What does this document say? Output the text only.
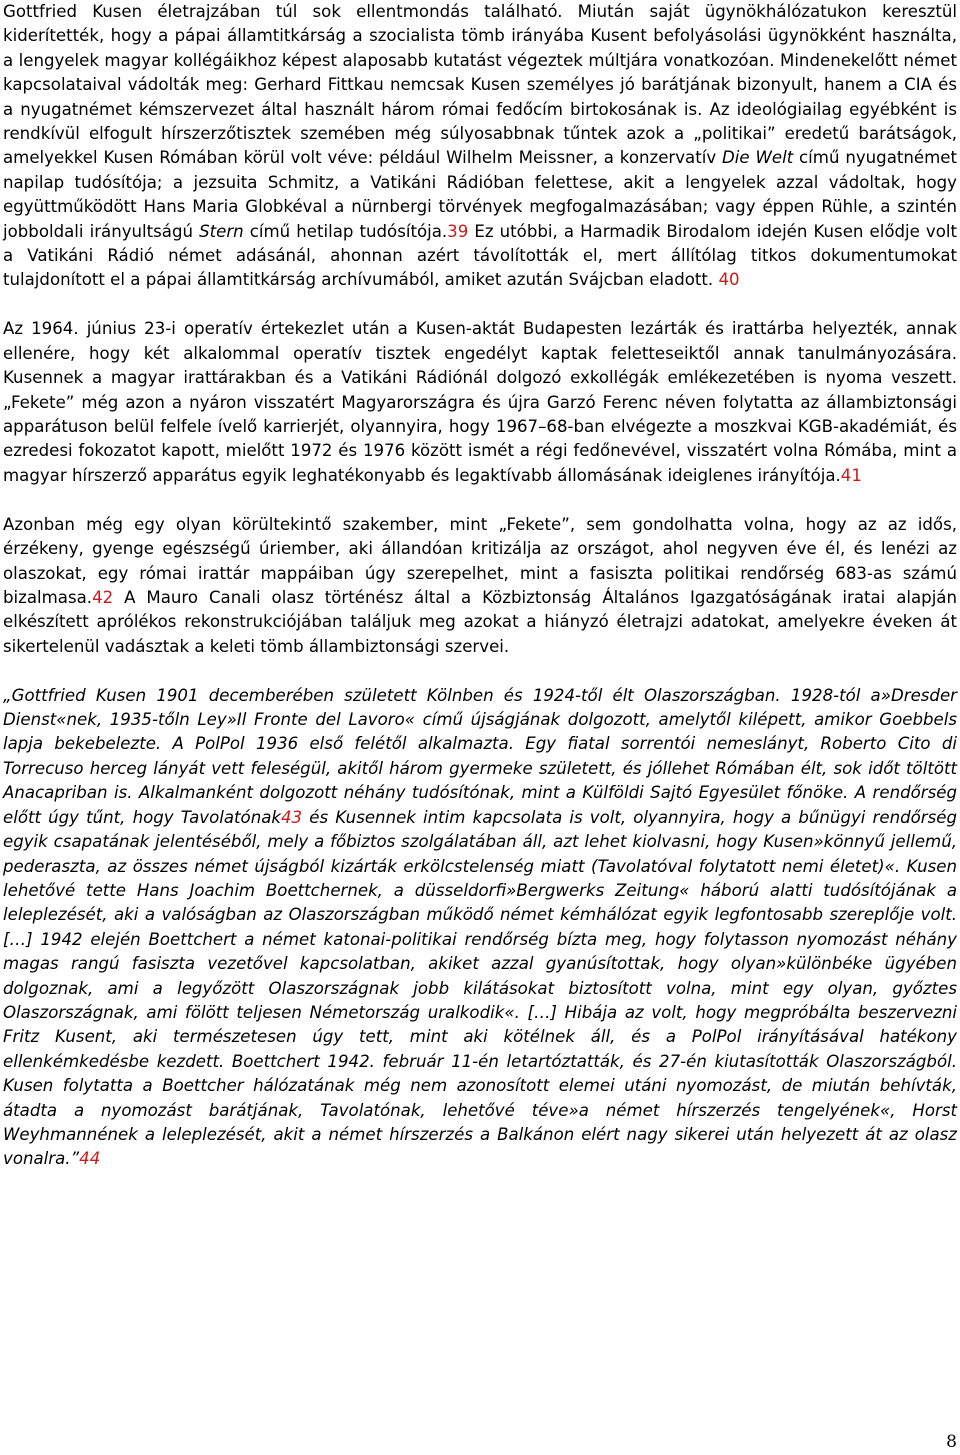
Gottfried Kusen életrajzában túl sok ellentmondás található. Miután saját ügynökhálózatukon keresztül kiderítették, hogy a pápai államtitkárság a szocialista tömb irányába Kusent befolyásolási ügynökként használta, a lengyelek magyar kollégáikhoz képest alaposabb kutatást végeztek múltjára vonatkozóan. Mindenekelőtt német kapcsolataival vádolták meg: Gerhard Fittkau nemcsak Kusen személyes jó barátjának bizonyult, hanem a CIA és a nyugatnémet kémszervezet által használt három római fedőcím birtokosának is. Az ideológiailag egyébként is rendkívül elfogult hírszerzőtisztek szemében még súlyosabbnak tűntek azok a „politikai” eredetű barátságok, amelyekkel Kusen Rómában körül volt véve: például Wilhelm Meissner, a konzervatív Die Welt című nyugatnémet napilap tudósítója; a jezsuita Schmitz, a Vatikáni Rádióban felettese, akit a lengyelek azzal vádoltak, hogy együttműködött Hans Maria Globkéval a nürnbergi törvények megfogalmazásában; vagy éppen Rühle, a szintén jobboldali irányultságú Stern című hetilap tudósítója.39 Ez utóbbi, a Harmadik Birodalom idején Kusen elődje volt a Vatikáni Rádió német adásánál, ahonnan azért távolították el, mert állítólag titkos dokumentumokat tulajdonított el a pápai államtitkárság archívumából, amiket azután Svájcban eladott. 40

Az 1964. június 23-i operatív értekezlet után a Kusen-aktát Budapesten lezárták és irattárba helyezték, annak ellenére, hogy két alkalommal operatív tisztek engedélyt kaptak feletteseiktől annak tanulmányozására. Kusennek a magyar irattárakban és a Vatikáni Rádiónál dolgozó exkollégák emlékezetében is nyoma veszett. „Fekete” még azon a nyáron visszatért Magyarországra és újra Garzó Ferenc néven folytatta az állambiztonsági apparátuson belül felfele ívelő karrierjét, olyannyira, hogy 1967–68-ban elvégezte a moszkvai KGB-akadémiát, és ezredesi fokozatot kapott, mielőtt 1972 és 1976 között ismét a régi fedőnevével, visszatért volna Rómába, mint a magyar hírszerző apparátus egyik leghatékonyabb és legaktívabb állomásának ideiglenes irányítója.41

Azonban még egy olyan körültekintő szakember, mint „Fekete”, sem gondolhatta volna, hogy az az idős, érzékeny, gyenge egészségű úriember, aki állandóan kritizálja az országot, ahol negyven éve él, és lenézi az olaszokat, egy római irattár mappáiban úgy szerepelhet, mint a fasiszta politikai rendőrség 683-as számú bizalmasa.42 A Mauro Canali olasz történész által a Közbiztonság Általános Igazgatóságának iratai alapján elkészített aprólékos rekonstrukciójában találjuk meg azokat a hiányzó életrajzi adatokat, amelyekre éveken át sikertelenül vadásztak a keleti tömb állambiztonsági szervei.

„Gottfried Kusen 1901 decemberében született Kölnben és 1924-től élt Olaszországban. 1928-tól a»Dresder Dienst«nek, 1935-tőln Ley»Il Fronte del Lavoro« című újságjának dolgozott, amelytől kilépett, amikor Goebbels lapja bekebelezte. A PolPol 1936 első felétől alkalmazta. Egy fiatal sorrentói nemeslányt, Roberto Cito di Torrecuso herceg lányát vett feleségül, akitől három gyermeke született, és jóllehet Rómában élt, sok időt töltött Anacapriban is. Alkalmanként dolgozott néhány tudósítónak, mint a Külföldi Sajtó Egyesület főnöke. A rendőrség előtt úgy tűnt, hogy Tavolatónak43 és Kusennek intim kapcsolata is volt, olyannyira, hogy a bűnügyi rendőrség egyik csapatának jelentéséből, mely a főbiztos szolgálatában áll, azt lehet kiolvasni, hogy Kusen»könnyű jellemű, pederaszta, az összes német újságból kizárták erkölcstelenség miatt (Tavolatóval folytatott nemi életet)«. Kusen lehetővé tette Hans Joachim Boettchernek, a düsseldorfi»Bergwerks Zeitung« háború alatti tudósítójának a leleplezését, aki a valóságban az Olaszországban működő német kémhálózat egyik legfontosabb szereplője volt. […] 1942 elején Boettchert a német katonai-politikai rendőrség bízta meg, hogy folytasson nyomozást néhány magas rangú fasiszta vezetővel kapcsolatban, akiket azzal gyanúsítottak, hogy olyan»különbéke ügyében dolgoznak, ami a legyőzött Olaszországnak jobb kilátásokat biztosított volna, mint egy olyan, győztes Olaszországnak, ami fölött teljesen Németország uralkodik«. […] Hibája az volt, hogy megpróbálta beszervezni Fritz Kusent, aki természetesen úgy tett, mint aki kötélnek áll, és a PolPol irányításával hatékony ellenkémkedésbe kezdett. Boettchert 1942. február 11-én letartóztatták, és 27-én kiutasították Olaszországból. Kusen folytatta a Boettcher hálózatának még nem azonosított elemei utáni nyomozást, de miután behívták, átadta a nyomozást barátjának, Tavolatónak, lehetővé téve»a német hírszerzés tengelyének«, Horst Weyhmannének a leleplezését, akit a német hírszerzés a Balkánon elért nagy sikerei után helyezett át az olasz vonalra.”44

8
